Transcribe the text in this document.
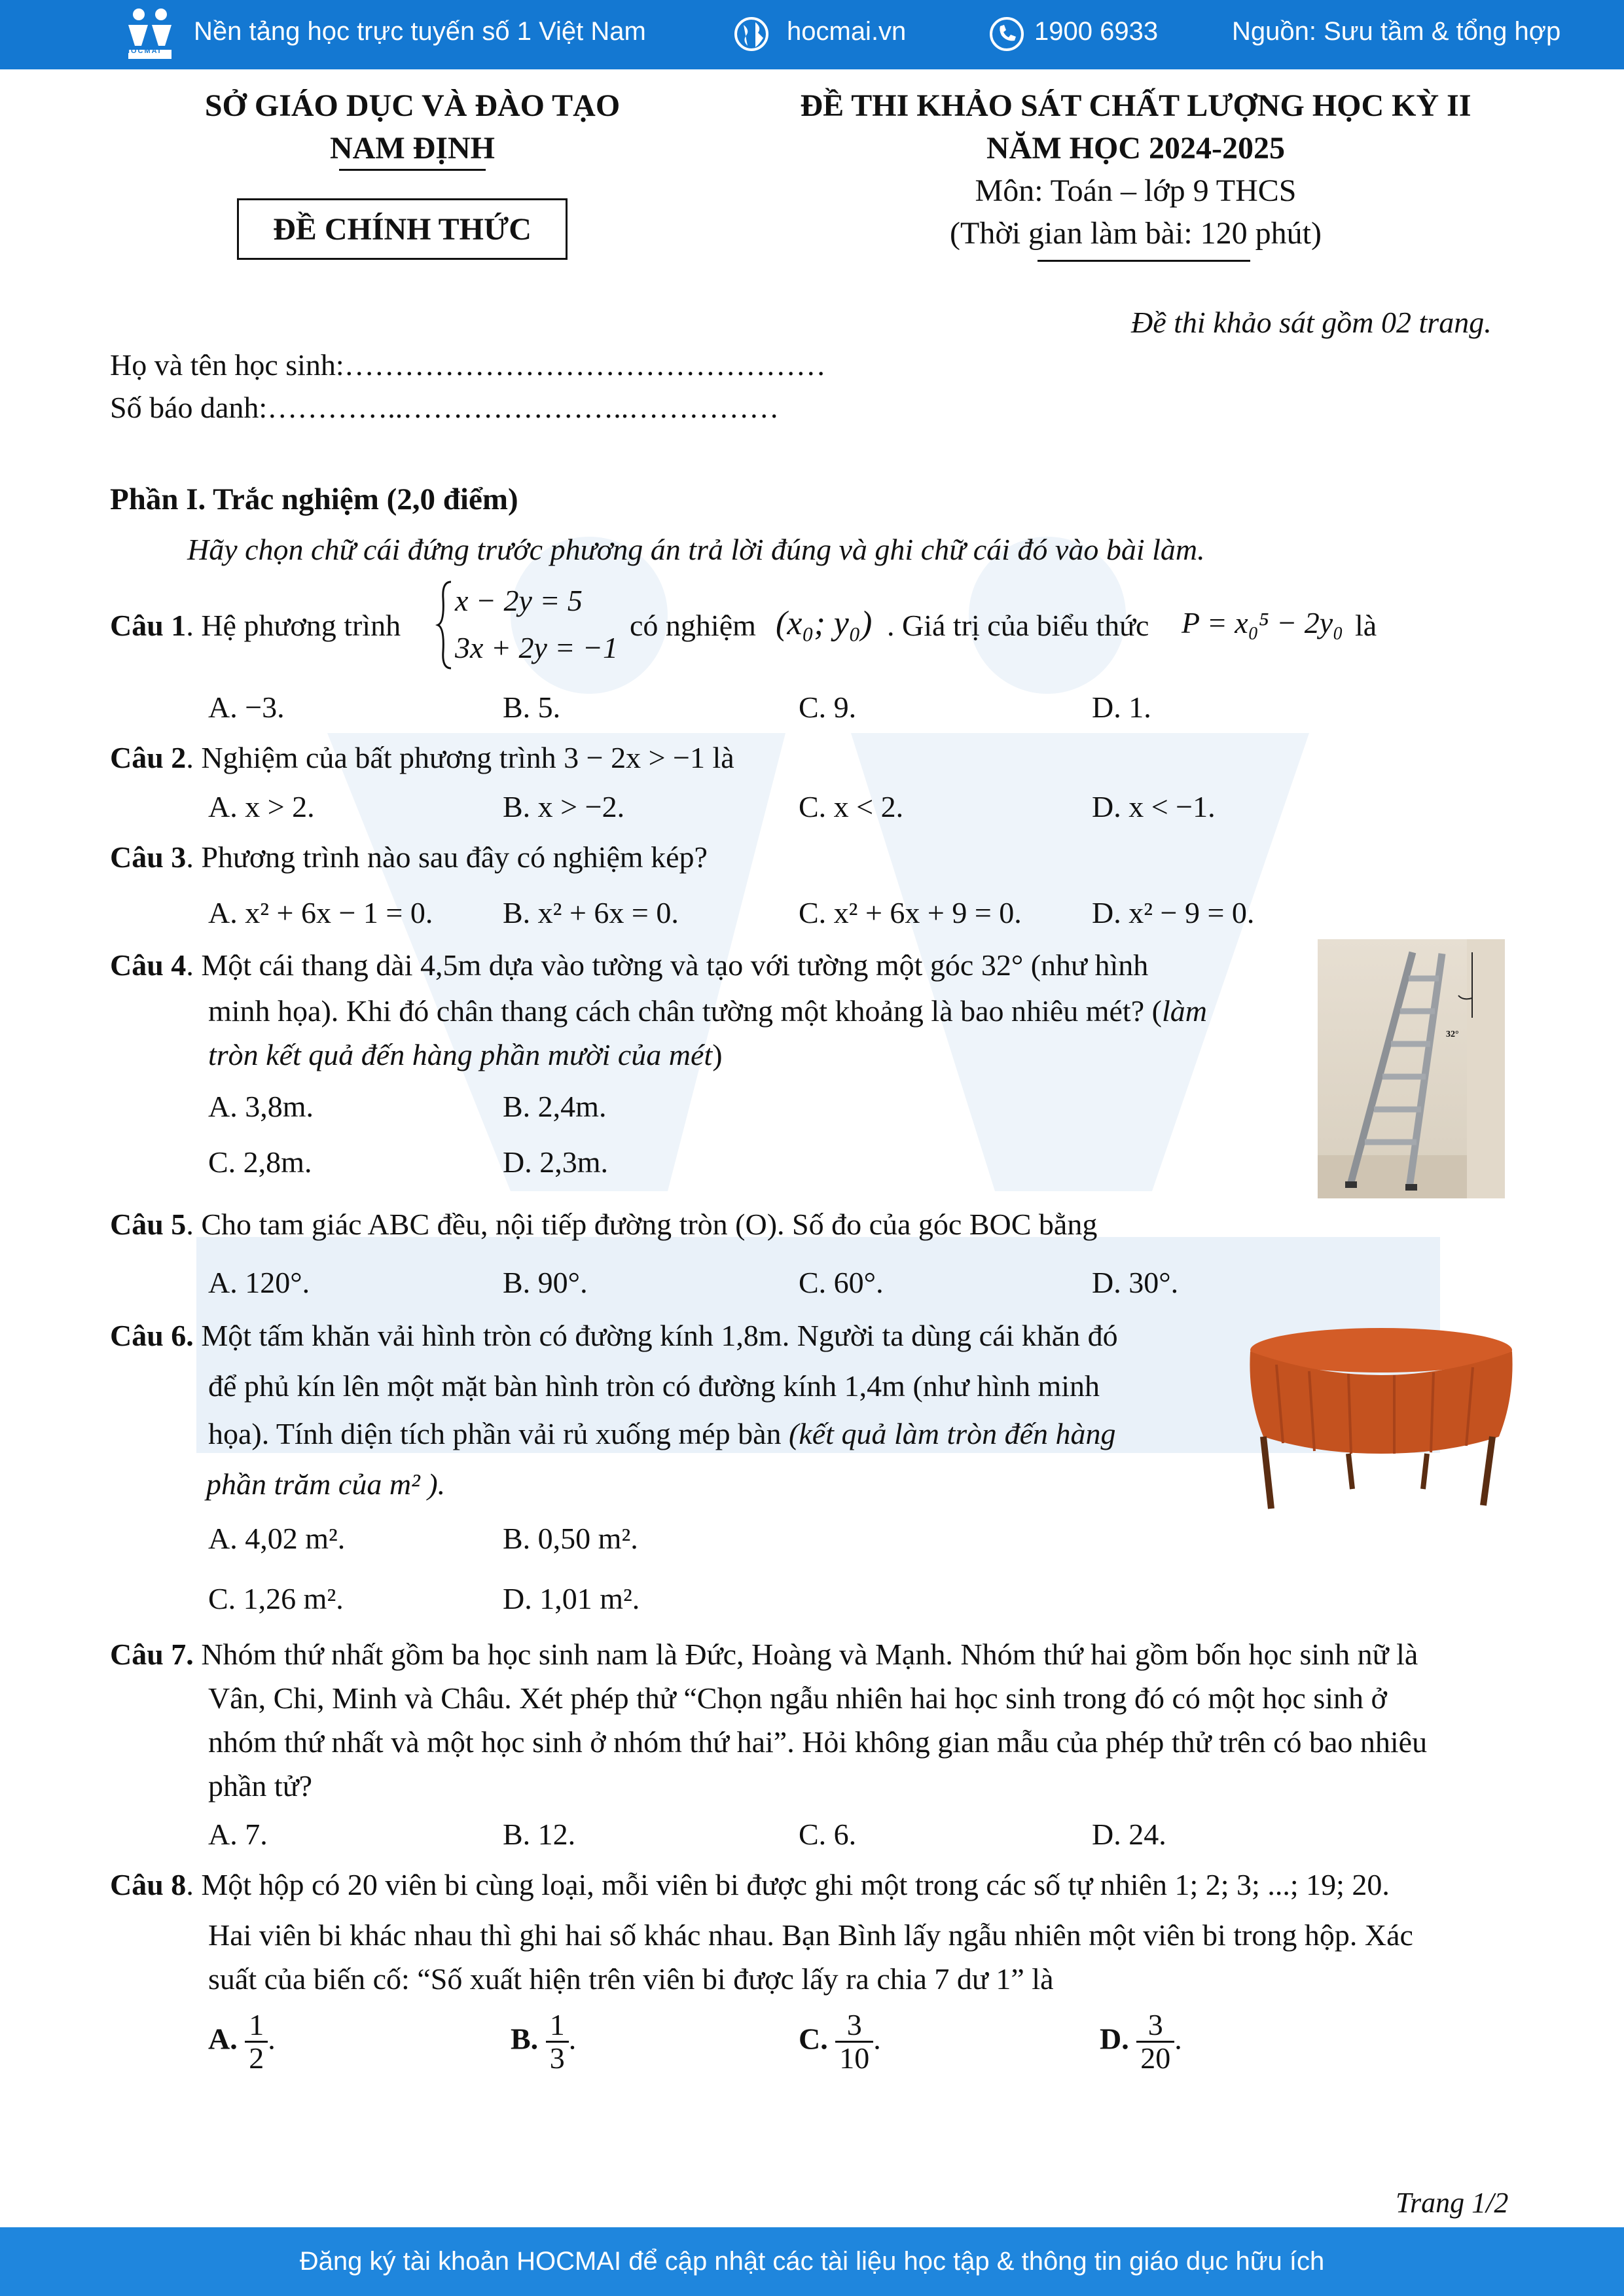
HOCMAI
Nền tảng học trực tuyến số 1 Việt Nam	hocmai.vn	1900 6933	Nguồn: Sưu tầm & tổng hợp
SỞ GIÁO DỤC VÀ ĐÀO TẠO
NAM ĐỊNH
ĐỀ CHÍNH THỨC
ĐỀ THI KHẢO SÁT CHẤT LƯỢNG HỌC KỲ II
NĂM HỌC 2024-2025
Môn: Toán – lớp 9 THCS
(Thời gian làm bài: 120 phút)
Đề thi khảo sát gồm 02 trang.
Họ và tên học sinh:…………………………………………
Số báo danh:…………..…………………..……………
Phần I. Trắc nghiệm (2,0 điểm)
Hãy chọn chữ cái đứng trước phương án trả lời đúng và ghi chữ cái đó vào bài làm.
Câu 1. Hệ phương trình
x − 2y = 5
3x + 2y = −1
có nghiệm (x₀; y₀) . Giá trị của biểu thức P = x₀⁵ − 2y₀ là
A. −3.	B. 5.	C. 9.	D. 1.
Câu 2. Nghiệm của bất phương trình 3 − 2x > −1 là
A. x > 2.	B. x > −2.	C. x < 2.	D. x < −1.
Câu 3. Phương trình nào sau đây có nghiệm kép?
A. x² + 6x − 1 = 0. B. x² + 6x = 0.	C. x² + 6x + 9 = 0. D. x² − 9 = 0.
Câu 4. Một cái thang dài 4,5m dựa vào tường và tạo với tường một góc 32° (như hình
minh họa). Khi đó chân thang cách chân tường một khoảng là bao nhiêu mét? (làm
tròn kết quả đến hàng phần mười của mét)
A. 3,8m.	B. 2,4m.
C. 2,8m.	D. 2,3m.
32°
Câu 5. Cho tam giác ABC đều, nội tiếp đường tròn (O). Số đo của góc BOC bằng
A. 120°.	B. 90°.	C. 60°.	D. 30°.
Câu 6. Một tấm khăn vải hình tròn có đường kính 1,8m. Người ta dùng cái khăn đó
để phủ kín lên một mặt bàn hình tròn có đường kính 1,4m (như hình minh
họa). Tính diện tích phần vải rủ xuống mép bàn (kết quả làm tròn đến hàng
phần trăm của m² ).
A. 4,02 m².	B. 0,50 m².
C. 1,26 m².	D. 1,01 m².
Câu 7. Nhóm thứ nhất gồm ba học sinh nam là Đức, Hoàng và Mạnh. Nhóm thứ hai gồm bốn học sinh nữ là
Vân, Chi, Minh và Châu. Xét phép thử “Chọn ngẫu nhiên hai học sinh trong đó có một học sinh ở
nhóm thứ nhất và một học sinh ở nhóm thứ hai”. Hỏi không gian mẫu của phép thử trên có bao nhiêu
phần tử?
A. 7.	B. 12.	C. 6.	D. 24.
Câu 8. Một hộp có 20 viên bi cùng loại, mỗi viên bi được ghi một trong các số tự nhiên 1; 2; 3; ...; 19; 20.
Hai viên bi khác nhau thì ghi hai số khác nhau. Bạn Bình lấy ngẫu nhiên một viên bi trong hộp. Xác
suất của biến cố: “Số xuất hiện trên viên bi được lấy ra chia 7 dư 1” là
A. $\frac{1}{2}$ .	B. $\frac{1}{3}$ .	C. $\frac{3}{10}$ .	D. $\frac{3}{20}$ .
Trang 1/2
Đăng ký tài khoản HOCMAI để cập nhật các tài liệu học tập & thông tin giáo dục hữu ích
